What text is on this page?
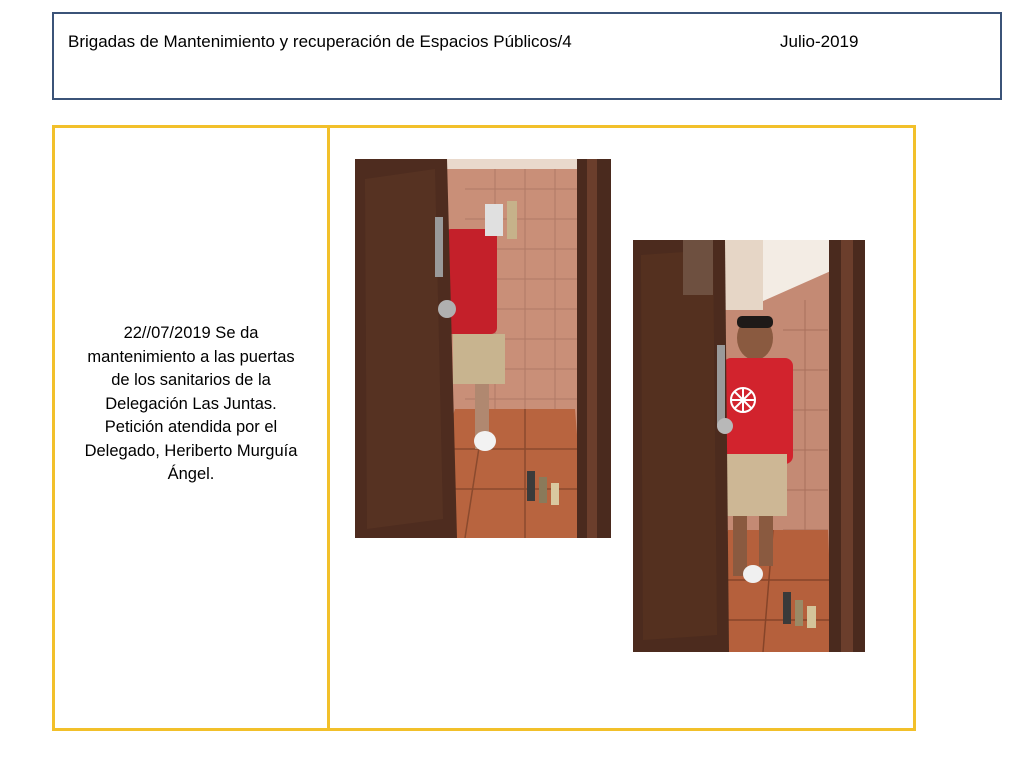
Brigadas de Mantenimiento y recuperación de Espacios Públicos/4	Julio-2019
22//07/2019 Se da mantenimiento a las puertas de los sanitarios de la Delegación Las Juntas. Petición atendida por el Delegado, Heriberto Murguía Ángel.
